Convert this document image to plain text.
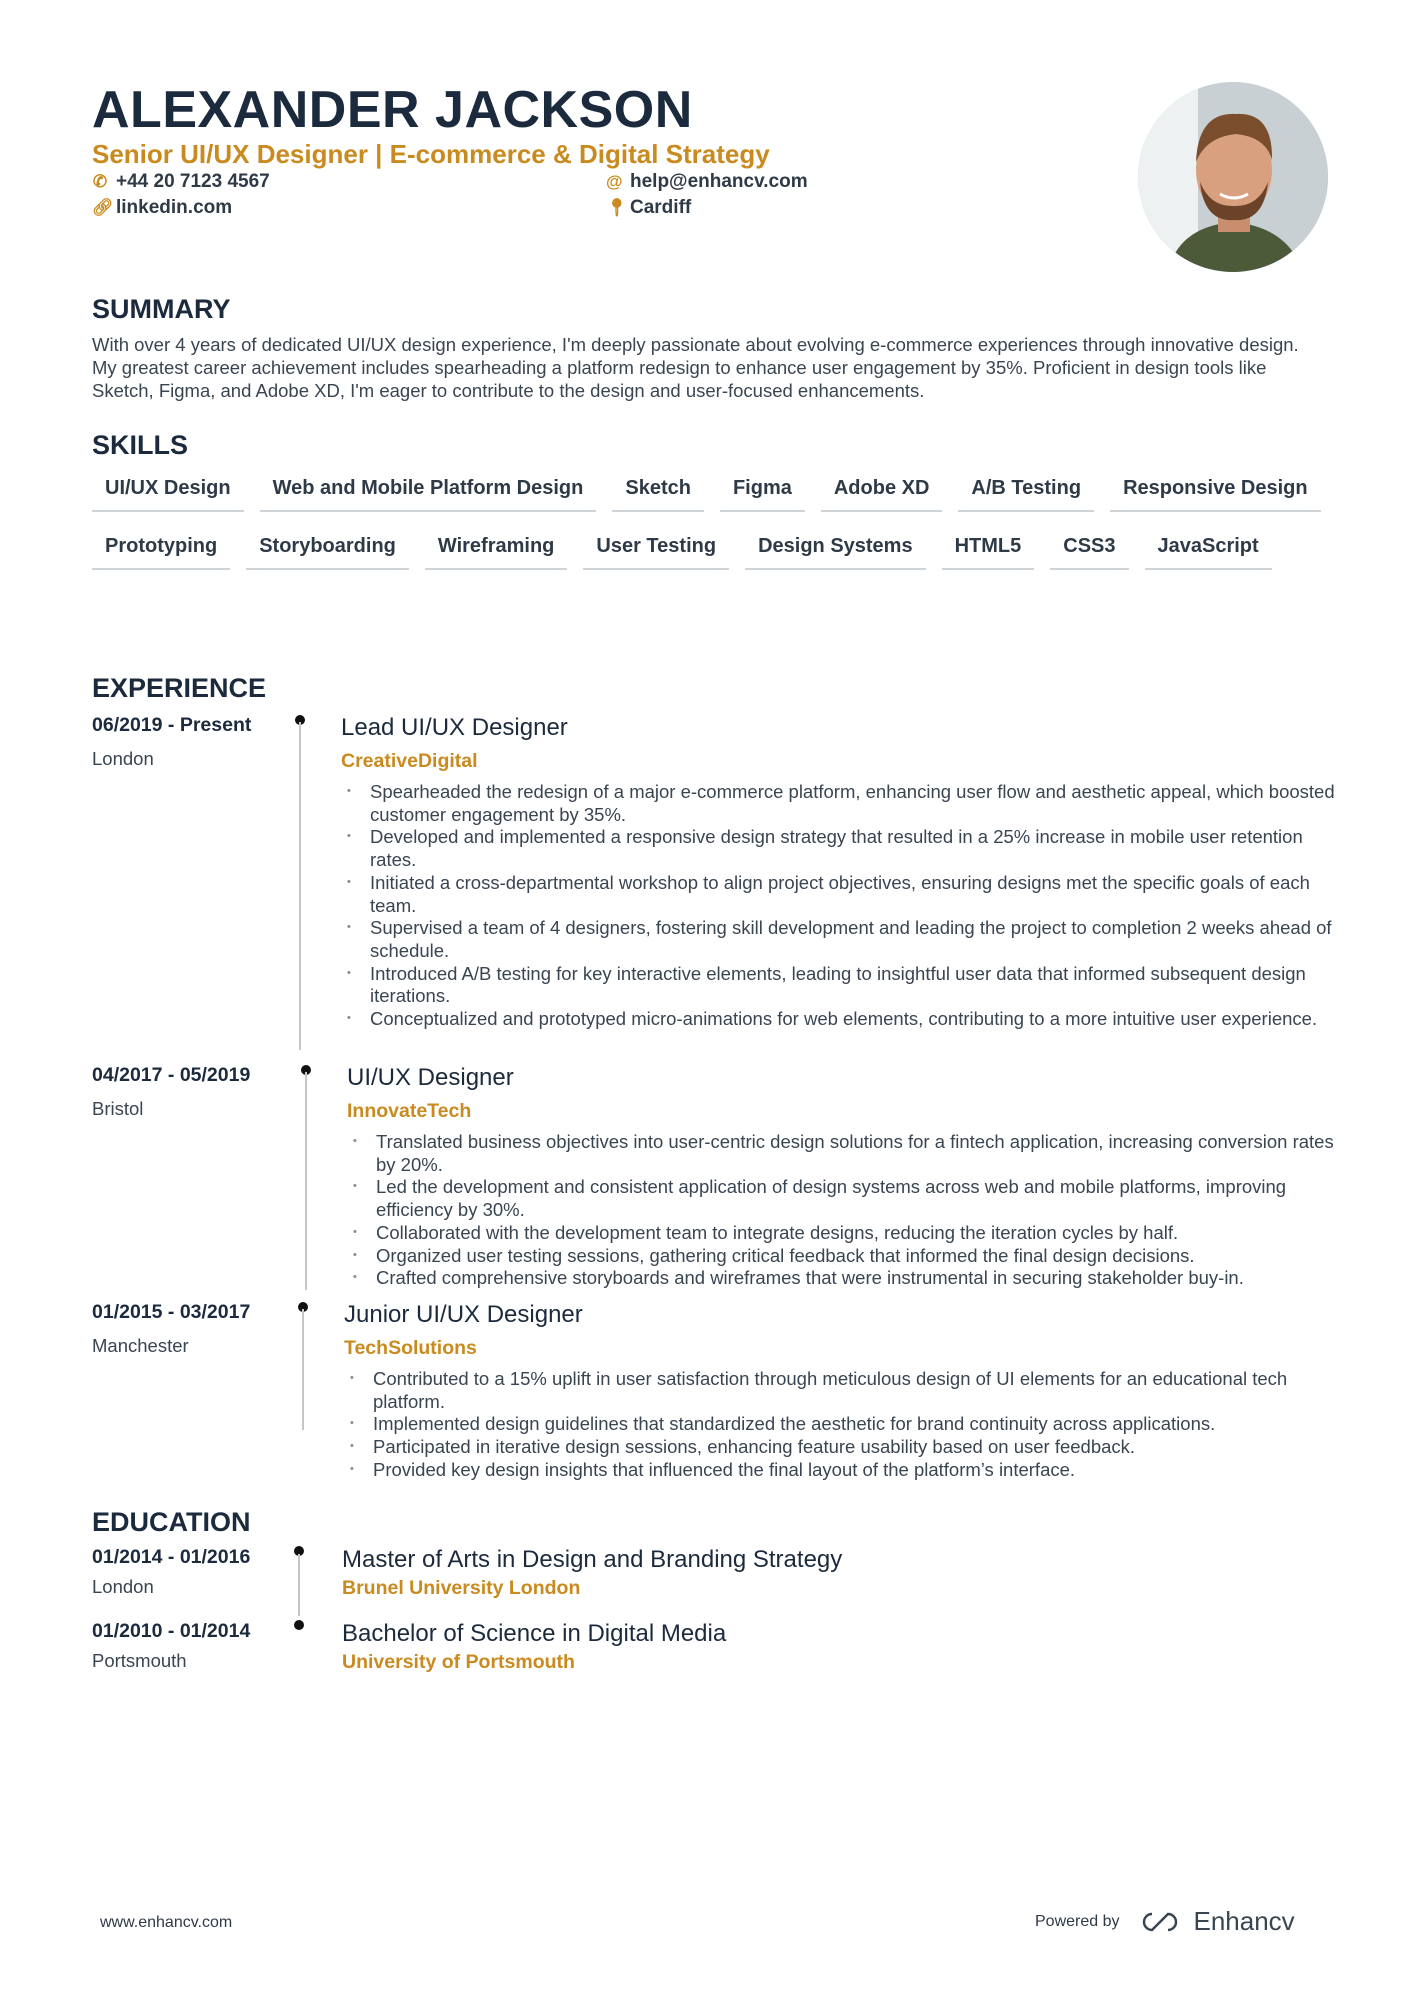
ALEXANDER JACKSON
Senior UI/UX Designer | E-commerce & Digital Strategy
✆ +44 20 7123 4567
🔗︎ linkedin.com
@ help@enhancv.com
📍︎ Cardiff
SUMMARY
With over 4 years of dedicated UI/UX design experience, I'm deeply passionate about evolving e-commerce experiences through innovative design. My greatest career achievement includes spearheading a platform redesign to enhance user engagement by 35%. Proficient in design tools like Sketch, Figma, and Adobe XD, I'm eager to contribute to the design and user-focused enhancements.
SKILLS
UI/UX Design	Web and Mobile Platform Design	Sketch	Figma	Adobe XD	A/B Testing	Responsive Design
Prototyping	Storyboarding	Wireframing	User Testing	Design Systems	HTML5	CSS3	JavaScript
EXPERIENCE
06/2019 - Present
London
Lead UI/UX Designer
CreativeDigital
• Spearheaded the redesign of a major e-commerce platform, enhancing user flow and aesthetic appeal, which boosted customer engagement by 35%.
• Developed and implemented a responsive design strategy that resulted in a 25% increase in mobile user retention rates.
• Initiated a cross-departmental workshop to align project objectives, ensuring designs met the specific goals of each team.
• Supervised a team of 4 designers, fostering skill development and leading the project to completion 2 weeks ahead of schedule.
• Introduced A/B testing for key interactive elements, leading to insightful user data that informed subsequent design iterations.
• Conceptualized and prototyped micro-animations for web elements, contributing to a more intuitive user experience.
04/2017 - 05/2019
Bristol
UI/UX Designer
InnovateTech
• Translated business objectives into user-centric design solutions for a fintech application, increasing conversion rates by 20%.
• Led the development and consistent application of design systems across web and mobile platforms, improving efficiency by 30%.
• Collaborated with the development team to integrate designs, reducing the iteration cycles by half.
• Organized user testing sessions, gathering critical feedback that informed the final design decisions.
• Crafted comprehensive storyboards and wireframes that were instrumental in securing stakeholder buy-in.
01/2015 - 03/2017
Manchester
Junior UI/UX Designer
TechSolutions
• Contributed to a 15% uplift in user satisfaction through meticulous design of UI elements for an educational tech platform.
• Implemented design guidelines that standardized the aesthetic for brand continuity across applications.
• Participated in iterative design sessions, enhancing feature usability based on user feedback.
• Provided key design insights that influenced the final layout of the platform’s interface.
EDUCATION
01/2014 - 01/2016
London
Master of Arts in Design and Branding Strategy
Brunel University London
01/2010 - 01/2014
Portsmouth
Bachelor of Science in Digital Media
University of Portsmouth
www.enhancv.com	Powered by	Enhancv
